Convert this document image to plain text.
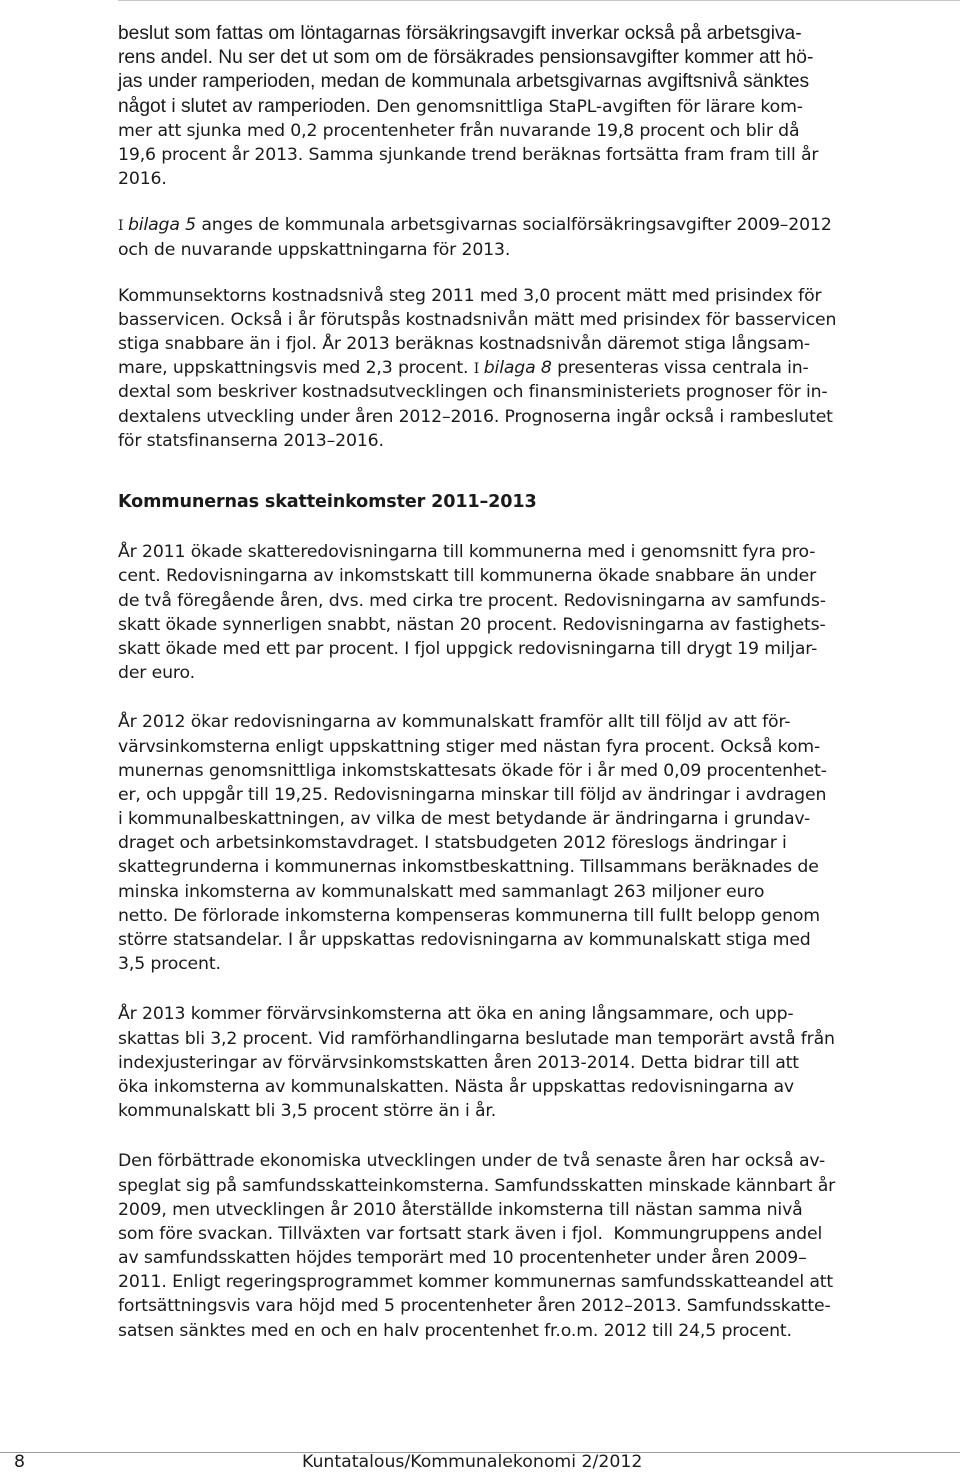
beslut som fattas om löntagarnas försäkringsavgift inverkar också på arbetsgiva-
rens andel. Nu ser det ut som om de försäkrades pensionsavgifter kommer att hö-
jas under ramperioden, medan de kommunala arbetsgivarnas avgiftsnivå sänktes
något i slutet av ramperioden. Den genomsnittliga StaPL-avgiften för lärare kom-
mer att sjunka med 0,2 procentenheter från nuvarande 19,8 procent och blir då
19,6 procent år 2013. Samma sjunkande trend beräknas fortsätta fram fram till år
2016.
I bilaga 5 anges de kommunala arbetsgivarnas socialförsäkringsavgifter 2009–2012
och de nuvarande uppskattningarna för 2013.
Kommunsektorns kostnadsnivå steg 2011 med 3,0 procent mätt med prisindex för
basservicen. Också i år förutspås kostnadsnivån mätt med prisindex för basservicen
stiga snabbare än i fjol. År 2013 beräknas kostnadsnivån däremot stiga långsam-
mare, uppskattningsvis med 2,3 procent. I bilaga 8 presenteras vissa centrala in-
dextal som beskriver kostnadsutvecklingen och finansministeriets prognoser för in-
dextalens utveckling under åren 2012–2016. Prognoserna ingår också i rambeslutet
för statsfinanserna 2013–2016.
Kommunernas skatteinkomster 2011–2013
År 2011 ökade skatteredovisningarna till kommunerna med i genomsnitt fyra pro-
cent. Redovisningarna av inkomstskatt till kommunerna ökade snabbare än under
de två föregående åren, dvs. med cirka tre procent. Redovisningarna av samfunds-
skatt ökade synnerligen snabbt, nästan 20 procent. Redovisningarna av fastighets-
skatt ökade med ett par procent. I fjol uppgick redovisningarna till drygt 19 miljar-
der euro.
År 2012 ökar redovisningarna av kommunalskatt framför allt till följd av att för-
värvsinkomsterna enligt uppskattning stiger med nästan fyra procent. Också kom-
munernas genomsnittliga inkomstskattesats ökade för i år med 0,09 procentenhet-
er, och uppgår till 19,25. Redovisningarna minskar till följd av ändringar i avdragen
i kommunalbeskattningen, av vilka de mest betydande är ändringarna i grundav-
draget och arbetsinkomstavdraget. I statsbudgeten 2012 föreslogs ändringar i
skattegrunderna i kommunernas inkomstbeskattning. Tillsammans beräknades de
minska inkomsterna av kommunalskatt med sammanlagt 263 miljoner euro
netto. De förlorade inkomsterna kompenseras kommunerna till fullt belopp genom
större statsandelar. I år uppskattas redovisningarna av kommunalskatt stiga med
3,5 procent.
År 2013 kommer förvärvsinkomsterna att öka en aning långsammare, och upp-
skattas bli 3,2 procent. Vid ramförhandlingarna beslutade man temporärt avstå från
indexjusteringar av förvärvsinkomstskatten åren 2013-2014. Detta bidrar till att
öka inkomsterna av kommunalskatten. Nästa år uppskattas redovisningarna av
kommunalskatt bli 3,5 procent större än i år.
Den förbättrade ekonomiska utvecklingen under de två senaste åren har också av-
speglat sig på samfundsskatteinkomsterna. Samfundsskatten minskade kännbart år
2009, men utvecklingen år 2010 återställde inkomsterna till nästan samma nivå
som före svackan. Tillväxten var fortsatt stark även i fjol.  Kommungruppens andel
av samfundsskatten höjdes temporärt med 10 procentenheter under åren 2009–
2011. Enligt regeringsprogrammet kommer kommunernas samfundsskatteandel att
fortsättningsvis vara höjd med 5 procentenheter åren 2012–2013. Samfundsskatte-
satsen sänktes med en och en halv procentenhet fr.o.m. 2012 till 24,5 procent.
8	Kuntatalous/Kommunalekonomi 2/2012
